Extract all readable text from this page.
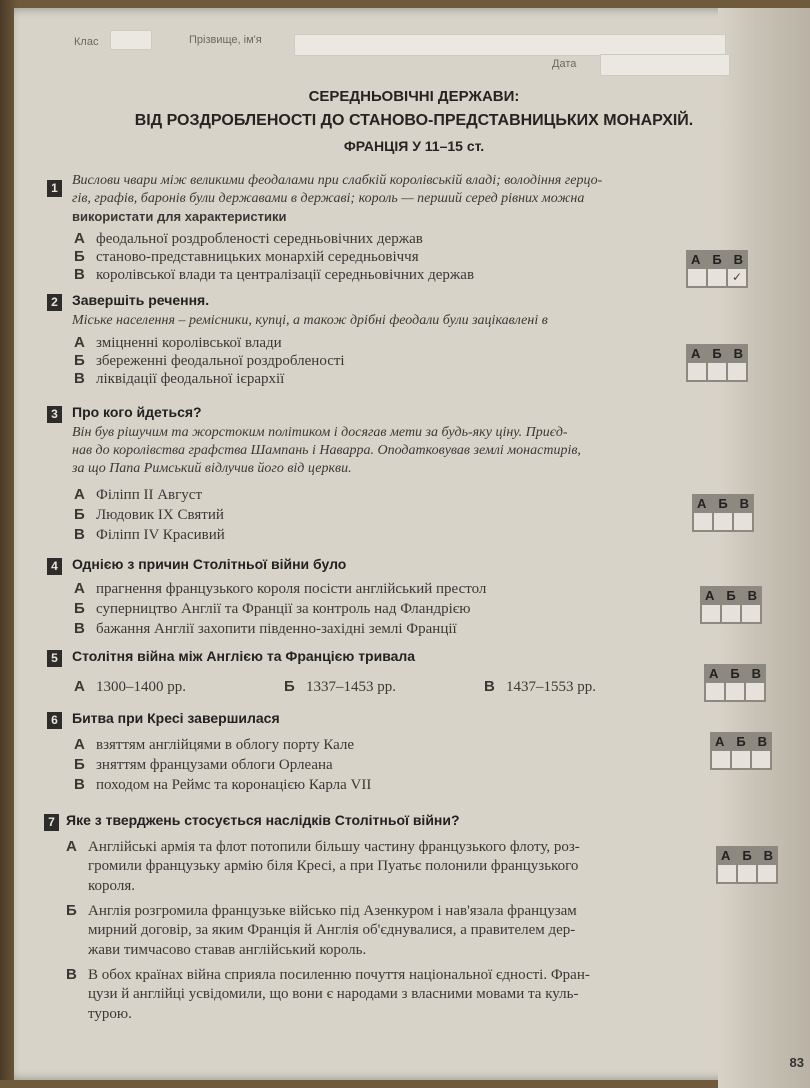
Клас	Прізвище, ім'я
Дата
СЕРЕДНЬОВІЧНІ ДЕРЖАВИ:
ВІД РОЗДРОБЛЕНОСТІ ДО СТАНОВО-ПРЕДСТАВНИЦЬКИХ МОНАРХІЙ.
ФРАНЦІЯ У 11–15 ст.
1 Вислови чвари між великими феодалами при слабкій королівській владі; володіння герцо-
гів, графів, баронів були державами в державі; король — перший серед рівних можна
використати для характеристики
А феодальної роздробленості середньовічних держав
Б станово-представницьких монархій середньовіччя
В королівської влади та централізації середньовічних держав
А Б В
✓
2 Завершіть речення.
Міське населення – ремісники, купці, а також дрібні феодали були зацікавлені в
А зміцненні королівської влади
Б збереженні феодальної роздробленості
В ліквідації феодальної ієрархії
А Б В
3 Про кого йдеться?
Він був рішучим та жорстоким політиком і досягав мети за будь-яку ціну. Приєд-
нав до королівства графства Шампань і Наварра. Оподатковував землі монастирів,
за що Папа Римський відлучив його від церкви.
А Філіпп II Август
Б Людовик IX Святий
В Філіпп IV Красивий
А Б В
4 Однією з причин Столітньої війни було
А прагнення французького короля посісти англійський престол
Б суперництво Англії та Франції за контроль над Фландрією
В бажання Англії захопити південно-західні землі Франції
А Б В
5 Столітня війна між Англією та Францією тривала
А 1300–1400 рр.	Б 1337–1453 рр.	В 1437–1553 рр.
А Б В
6 Битва при Кресі завершилася
А взяттям англійцями в облогу порту Кале
Б зняттям французами облоги Орлеана
В походом на Реймс та коронацією Карла VII
А Б В
7 Яке з тверджень стосується наслідків Столітньої війни?
А Англійські армія та флот потопили більшу частину французького флоту, роз-
громили французьку армію біля Кресі, а при Пуатьє полонили французького
короля.
Б Англія розгромила французьке військо під Азенкуром і нав'язала французам
мирний договір, за яким Франція й Англія об'єднувалися, а правителем дер-
жави тимчасово ставав англійський король.
В В обох країнах війна сприяла посиленню почуття національної єдності. Фран-
цузи й англійці усвідомили, що вони є народами з власними мовами та куль-
турою.
А Б В
83
